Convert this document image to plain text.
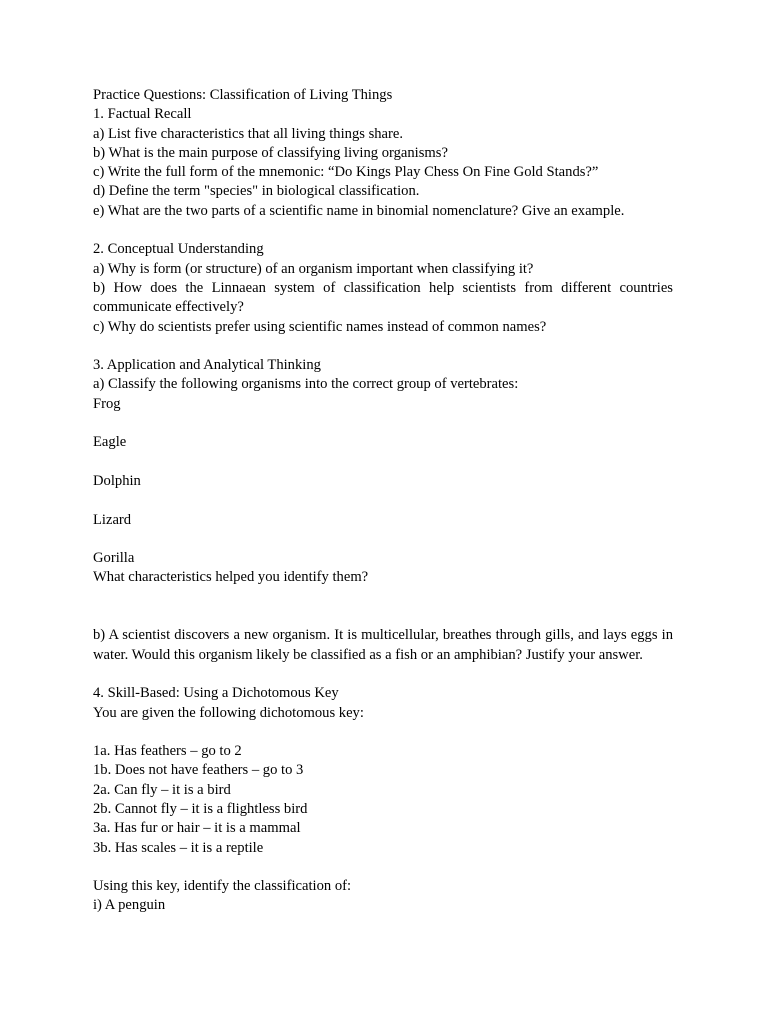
Practice Questions: Classification of Living Things
1. Factual Recall
a) List five characteristics that all living things share.
b) What is the main purpose of classifying living organisms?
c) Write the full form of the mnemonic: “Do Kings Play Chess On Fine Gold Stands?”
d) Define the term "species" in biological classification.
e) What are the two parts of a scientific name in binomial nomenclature? Give an example.
2. Conceptual Understanding
a) Why is form (or structure) of an organism important when classifying it?
b) How does the Linnaean system of classification help scientists from different countries communicate effectively?
c) Why do scientists prefer using scientific names instead of common names?
3. Application and Analytical Thinking
a) Classify the following organisms into the correct group of vertebrates:
Frog
Eagle
Dolphin
Lizard
Gorilla
What characteristics helped you identify them?
b) A scientist discovers a new organism. It is multicellular, breathes through gills, and lays eggs in water. Would this organism likely be classified as a fish or an amphibian? Justify your answer.
4. Skill-Based: Using a Dichotomous Key
You are given the following dichotomous key:
1a. Has feathers – go to 2
1b. Does not have feathers – go to 3
2a. Can fly – it is a bird
2b. Cannot fly – it is a flightless bird
3a. Has fur or hair – it is a mammal
3b. Has scales – it is a reptile
Using this key, identify the classification of:
i) A penguin
